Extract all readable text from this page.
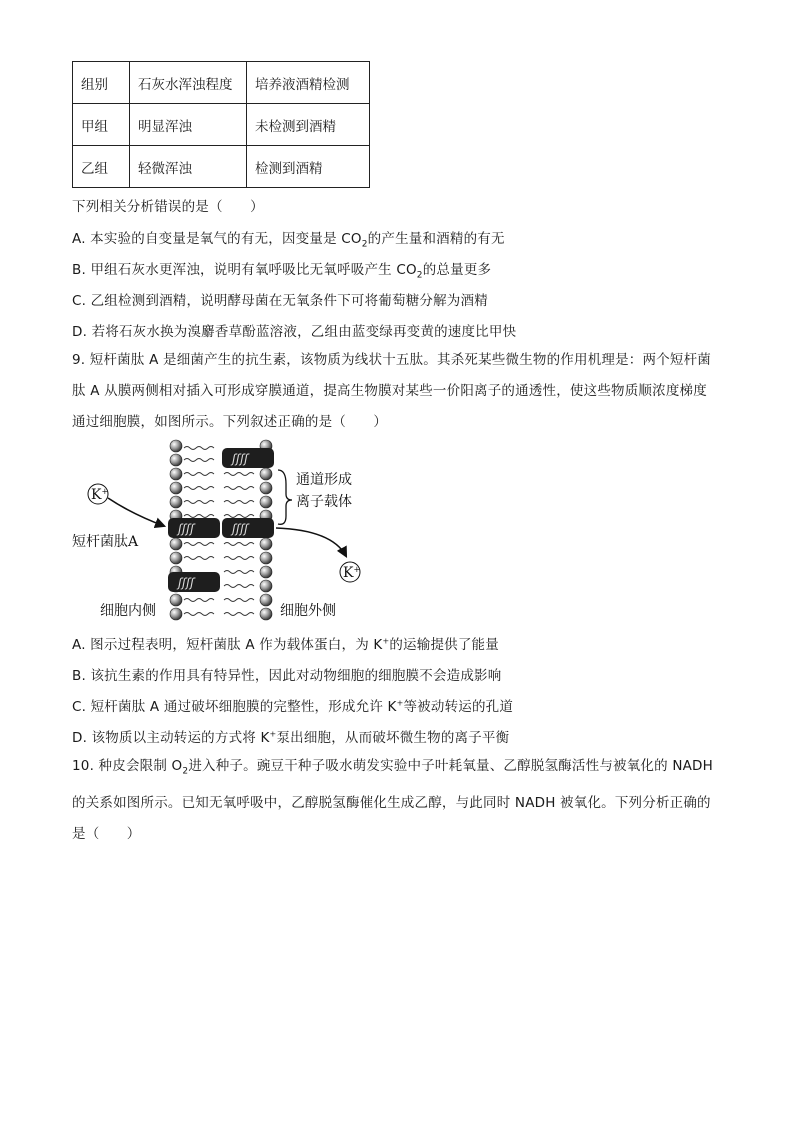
组别	石灰水浑浊程度	培养液酒精检测
甲组	明显浑浊	未检测到酒精
乙组	轻微浑浊	检测到酒精
下列相关分析错误的是（　　）
A. 本实验的自变量是氧气的有无，因变量是 $CO_2$的产生量和酒精的有无
B. 甲组石灰水更浑浊，说明有氧呼吸比无氧呼吸产生 $CO_2$的总量更多
C. 乙组检测到酒精，说明酵母菌在无氧条件下可将葡萄糖分解为酒精
D. 若将石灰水换为溴麝香草酚蓝溶液，乙组由蓝变绿再变黄的速度比甲快
9. 短杆菌肽 A 是细菌产生的抗生素，该物质为线状十五肽。其杀死某些微生物的作用机理是：两个短杆菌肽 A 从膜两侧相对插入可形成穿膜通道，提高生物膜对某些一价阳离子的通透性，使这些物质顺浓度梯度通过细胞膜，如图所示。下列叙述正确的是（　　）
ʃʃʃʃ
ʃʃʃʃ	ʃʃʃʃ
ʃʃʃʃ
K+
K+
通道形成
离子载体
短杆菌肽A
细胞内侧	细胞外侧
A. 图示过程表明，短杆菌肽 A 作为载体蛋白，为 K+的运输提供了能量
B. 该抗生素的作用具有特异性，因此对动物细胞的细胞膜不会造成影响
C. 短杆菌肽 A 通过破坏细胞膜的完整性，形成允许 K+等被动转运的孔道
D. 该物质以主动转运的方式将 K+泵出细胞，从而破坏微生物的离子平衡
10. 种皮会限制 $O_2$进入种子。豌豆干种子吸水萌发实验中子叶耗氧量、乙醇脱氢酶活性与被氧化的 NADH 的关系如图所示。已知无氧呼吸中，乙醇脱氢酶催化生成乙醇，与此同时 NADH 被氧化。下列分析正确的是（　　）
